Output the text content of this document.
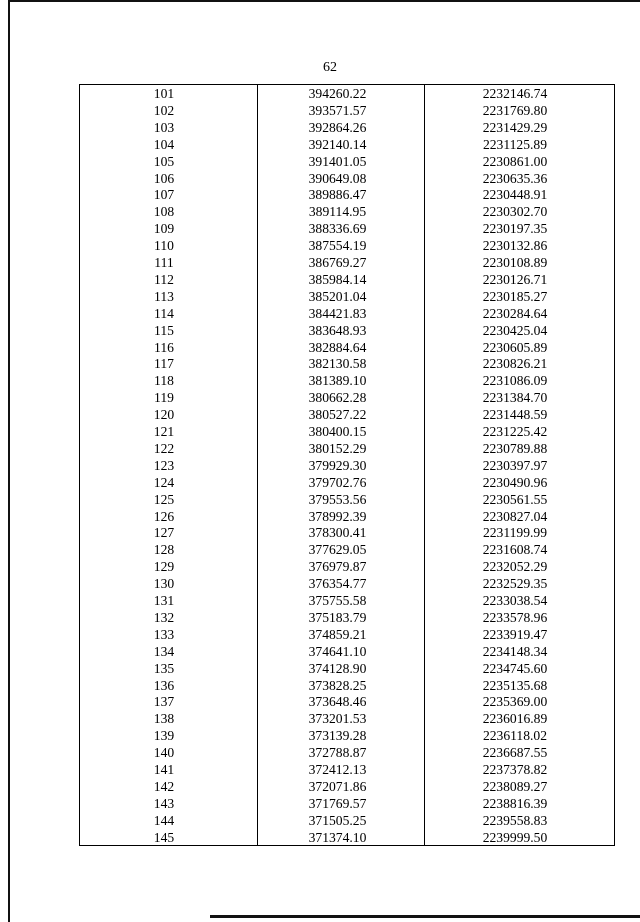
62
101	394260.22	2232146.74
102	393571.57	2231769.80
103	392864.26	2231429.29
104	392140.14	2231125.89
105	391401.05	2230861.00
106	390649.08	2230635.36
107	389886.47	2230448.91
108	389114.95	2230302.70
109	388336.69	2230197.35
110	387554.19	2230132.86
111	386769.27	2230108.89
112	385984.14	2230126.71
113	385201.04	2230185.27
114	384421.83	2230284.64
115	383648.93	2230425.04
116	382884.64	2230605.89
117	382130.58	2230826.21
118	381389.10	2231086.09
119	380662.28	2231384.70
120	380527.22	2231448.59
121	380400.15	2231225.42
122	380152.29	2230789.88
123	379929.30	2230397.97
124	379702.76	2230490.96
125	379553.56	2230561.55
126	378992.39	2230827.04
127	378300.41	2231199.99
128	377629.05	2231608.74
129	376979.87	2232052.29
130	376354.77	2232529.35
131	375755.58	2233038.54
132	375183.79	2233578.96
133	374859.21	2233919.47
134	374641.10	2234148.34
135	374128.90	2234745.60
136	373828.25	2235135.68
137	373648.46	2235369.00
138	373201.53	2236016.89
139	373139.28	2236118.02
140	372788.87	2236687.55
141	372412.13	2237378.82
142	372071.86	2238089.27
143	371769.57	2238816.39
144	371505.25	2239558.83
145	371374.10	2239999.50
